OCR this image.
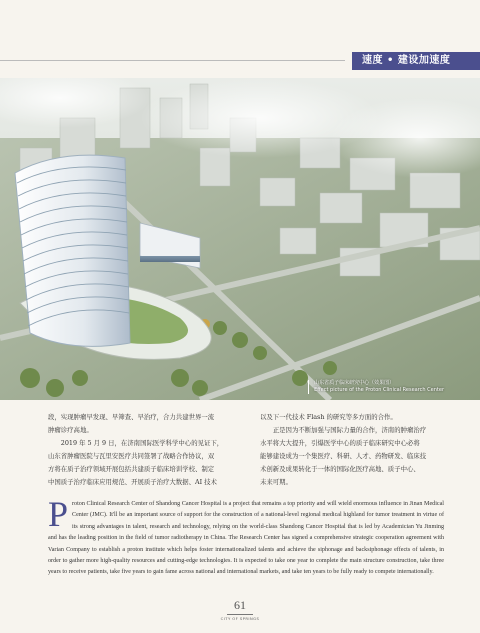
速度 • 建设加速度
山东省质子临床研究中心（效果图）
Effect picture of the Proton Clinical Research Center

段，实现肿瘤早发现、早筛查、早治疗，合力共建世界一流

肿瘤诊疗高地。

　　2019 年 5 月 9 日，在济南国际医学科学中心的见证下，

山东省肿瘤医院与瓦里安医疗共同签署了战略合作协议，双

方将在质子治疗领域开展包括共建质子临床培训学校、制定

中国质子治疗临床应用规范、开展质子治疗大数据、AI 技术

以及下一代技术 Flash 的研究等多方面的合作。

　　正是因为不断加强与国际力量的合作，济南的肿瘤治疗

水平将大大提升，引爆医学中心的质子临床研究中心必将

能够建设成为一个集医疗、科研、人才、药物研发、临床技

术创新及成果转化于一体的国际化医疗高地、质子中心、

未来可期。

P roton Clinical Research Center of Shandong Cancer Hospital is a project that remains a top priority and will wield enormous influence in Jinan Medical Center (JMC). It'll be an important source of support for the construction of a national-level regional medical highland for tumor treatment in virtue of its strong advantages in talent, research and technology, relying on the world-class Shandong Cancer Hospital that is led by Academician Yu Jinming and has the leading position in the field of tumor radiotherapy in China. The Research Center has signed a comprehensive strategic cooperation agreement with Varian Company to establish a proton institute which helps foster internationalized talents and achieve the siphonage and backsiphonage effects of talents, in order to gather more high-quality resources and cutting-edge technologies. It is expected to take one year to complete the main structure construction, take three years to receive patients, take five years to gain fame across national and international markets, and take ten years to be fully ready to compete internationally.
61
CITY OF SPRINGS
